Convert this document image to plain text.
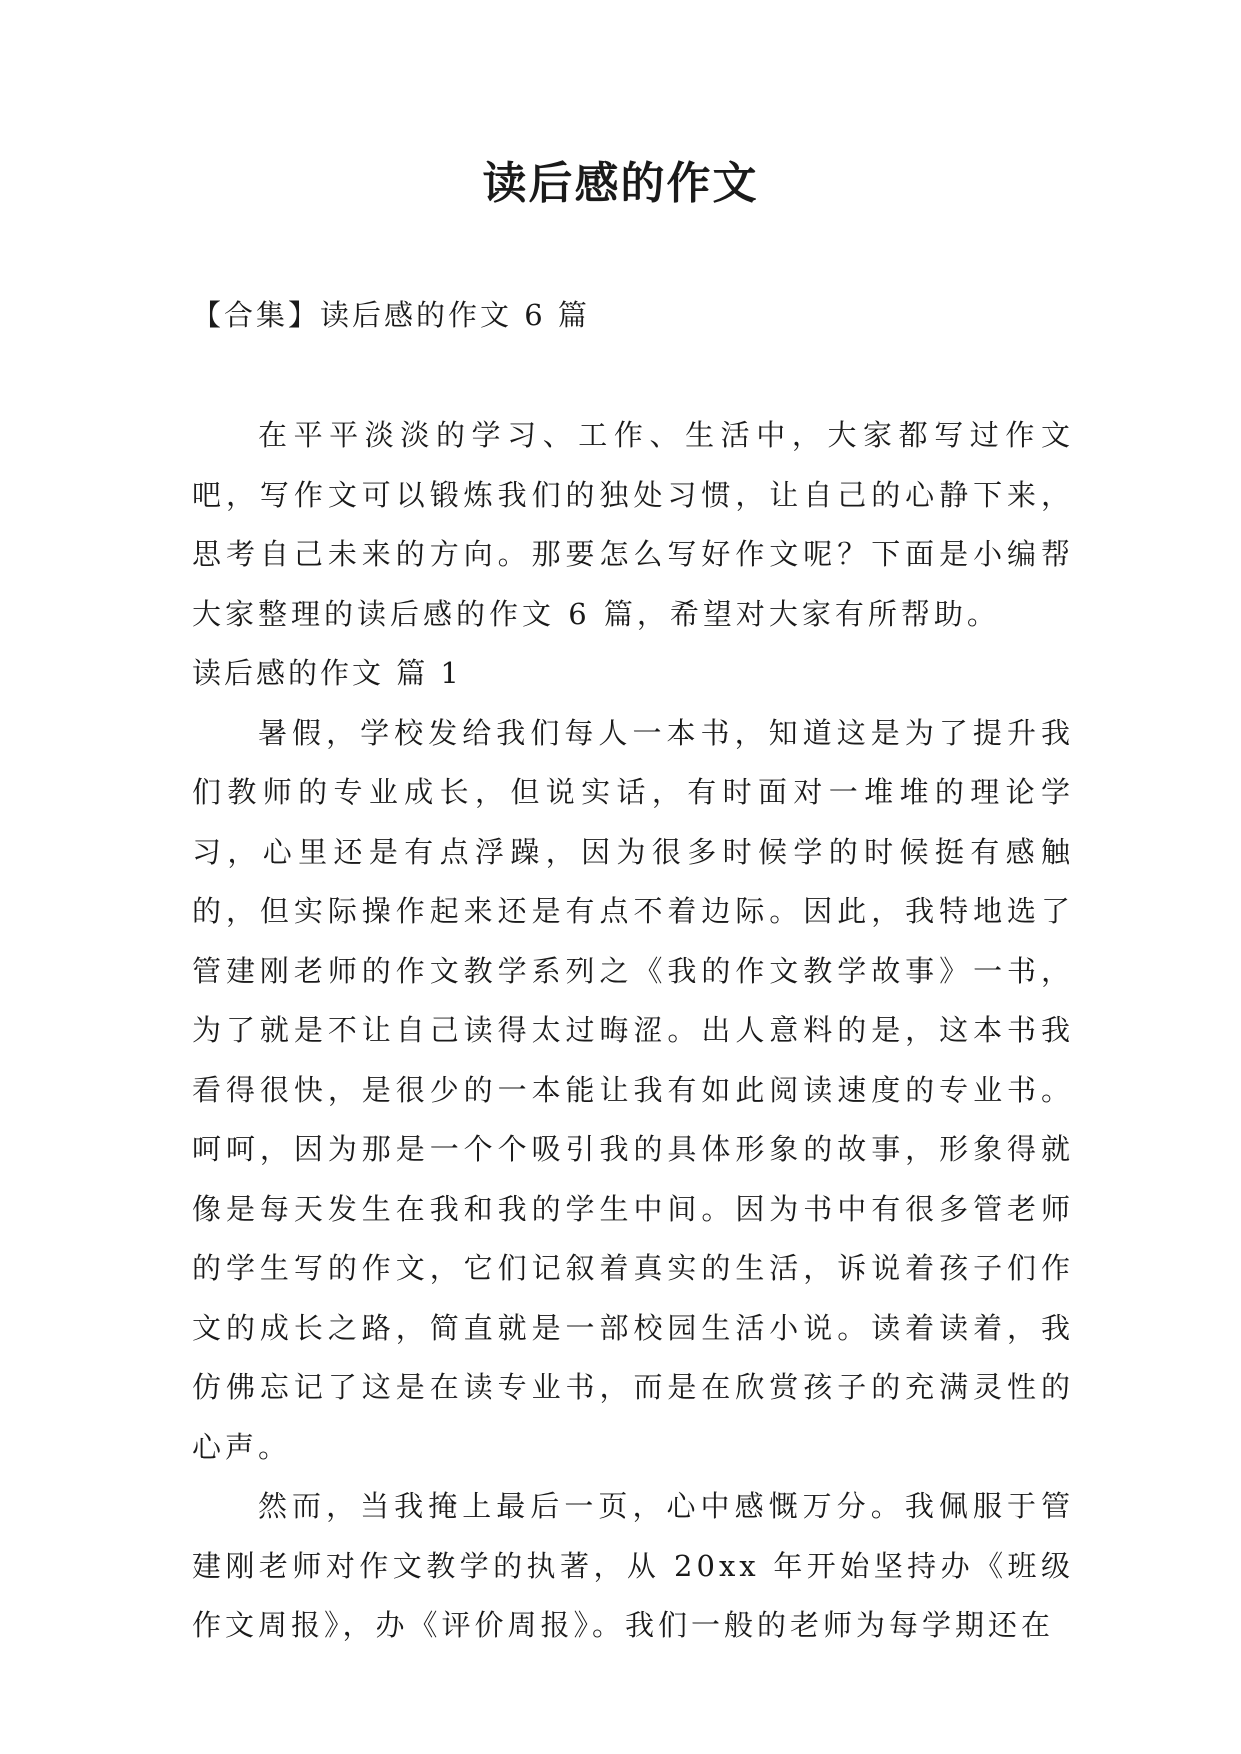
读后感的作文
【合集】读后感的作文 6 篇

在平平淡淡的学习、工作、生活中，大家都写过作文吧，写作文可以锻炼我们的独处习惯，让自己的心静下来，思考自己未来的方向。那要怎么写好作文呢？下面是小编帮大家整理的读后感的作文 6 篇，希望对大家有所帮助。

读后感的作文 篇 1

暑假，学校发给我们每人一本书，知道这是为了提升我们教师的专业成长，但说实话，有时面对一堆堆的理论学习，心里还是有点浮躁，因为很多时候学的时候挺有感触的，但实际操作起来还是有点不着边际。因此，我特地选了管建刚老师的作文教学系列之《我的作文教学故事》一书，为了就是不让自己读得太过晦涩。出人意料的是，这本书我看得很快，是很少的一本能让我有如此阅读速度的专业书。呵呵，因为那是一个个吸引我的具体形象的故事，形象得就像是每天发生在我和我的学生中间。因为书中有很多管老师的学生写的作文，它们记叙着真实的生活，诉说着孩子们作文的成长之路，简直就是一部校园生活小说。读着读着，我仿佛忘记了这是在读专业书，而是在欣赏孩子的充满灵性的心声。

然而，当我掩上最后一页，心中感慨万分。我佩服于管建刚老师对作文教学的执著，从 20xx 年开始坚持办《班级作文周报》，办《评价周报》。我们一般的老师为每学期还在
